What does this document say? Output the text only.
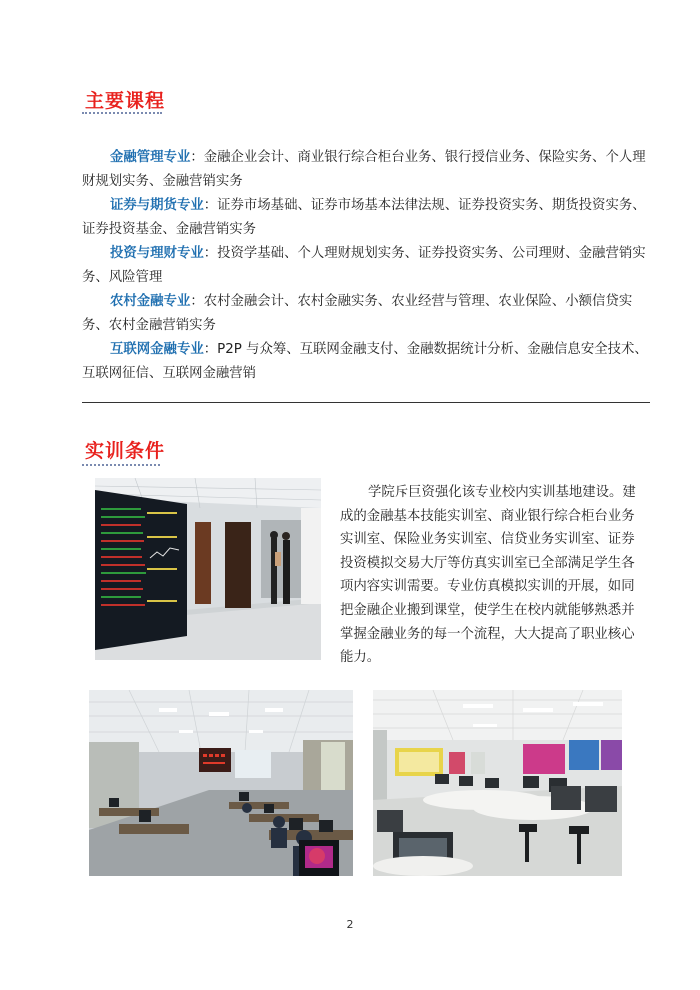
主要课程

金融管理专业：金融企业会计、商业银行综合柜台业务、银行授信业务、保险实务、个人理财规划实务、金融营销实务

证券与期货专业：证券市场基础、证券市场基本法律法规、证券投资实务、期货投资实务、证券投资基金、金融营销实务

投资与理财专业：投资学基础、个人理财规划实务、证券投资实务、公司理财、金融营销实务、风险管理

农村金融专业：农村金融会计、农村金融实务、农业经营与管理、农业保险、小额信贷实务、农村金融营销实务

互联网金融专业：P2P 与众筹、互联网金融支付、金融数据统计分析、金融信息安全技术、互联网征信、互联网金融营销

实训条件

学院斥巨资强化该专业校内实训基地建设。建成的金融基本技能实训室、商业银行综合柜台业务实训室、保险业务实训室、信贷业务实训室、证券投资模拟交易大厅等仿真实训室已全部满足学生各项内容实训需要。专业仿真模拟实训的开展，如同把金融企业搬到课堂，使学生在校内就能够熟悉并掌握金融业务的每一个流程，大大提高了职业核心能力。

2
